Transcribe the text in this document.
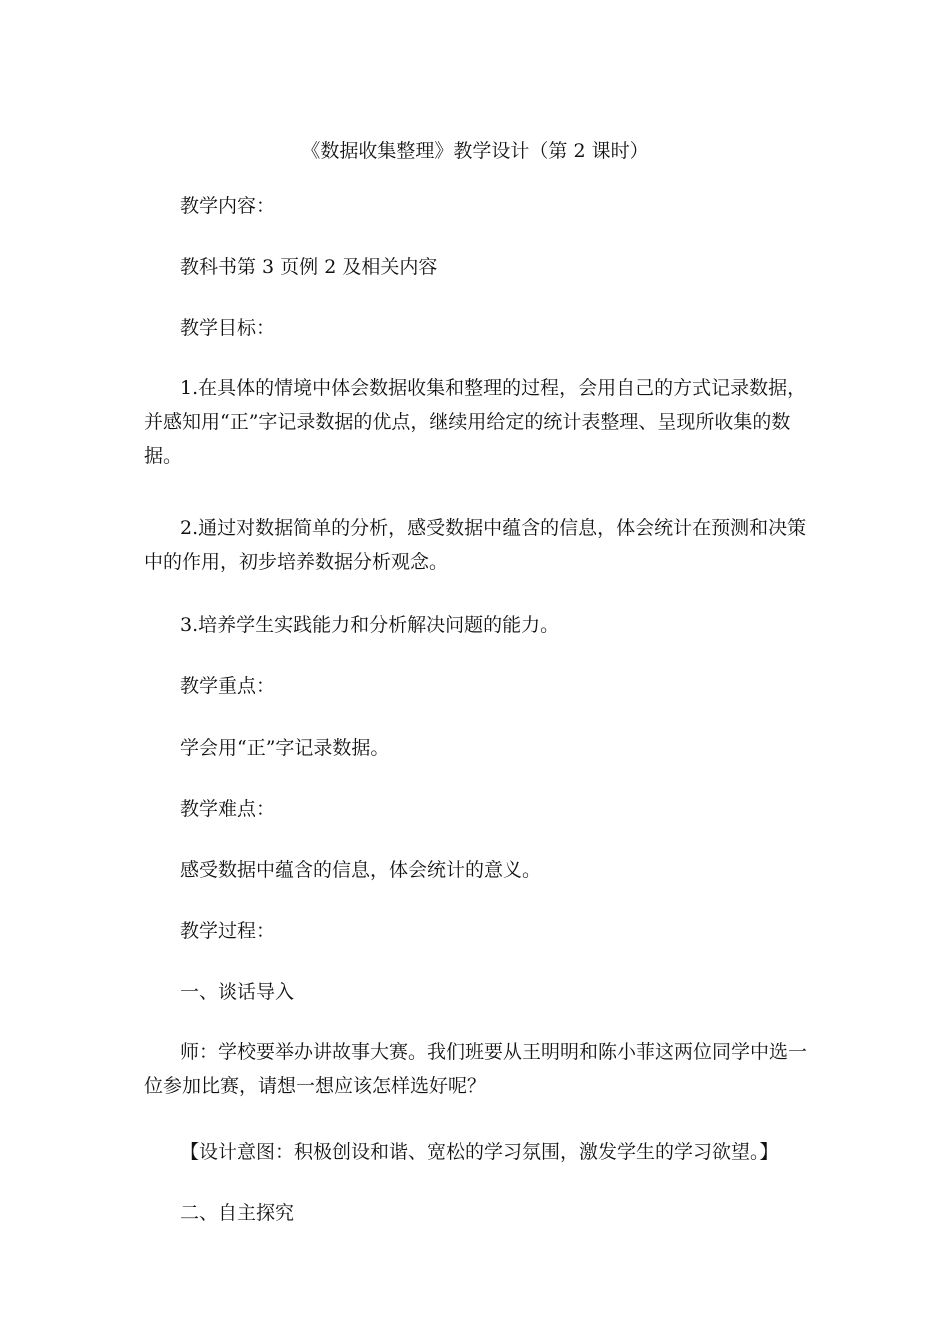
《数据收集整理》教学设计（第 2 课时）

教学内容：

教科书第 3 页例 2 及相关内容

教学目标：

1.在具体的情境中体会数据收集和整理的过程，会用自己的方式记录数据，并感知用“正”字记录数据的优点，继续用给定的统计表整理、呈现所收集的数据。

2.通过对数据简单的分析，感受数据中蕴含的信息，体会统计在预测和决策中的作用，初步培养数据分析观念。

3.培养学生实践能力和分析解决问题的能力。

教学重点：

学会用“正”字记录数据。

教学难点：

感受数据中蕴含的信息，体会统计的意义。

教学过程：

一、谈话导入

师：学校要举办讲故事大赛。我们班要从王明明和陈小菲这两位同学中选一位参加比赛，请想一想应该怎样选好呢？

【设计意图：积极创设和谐、宽松的学习氛围，激发学生的学习欲望。】

二、自主探究
